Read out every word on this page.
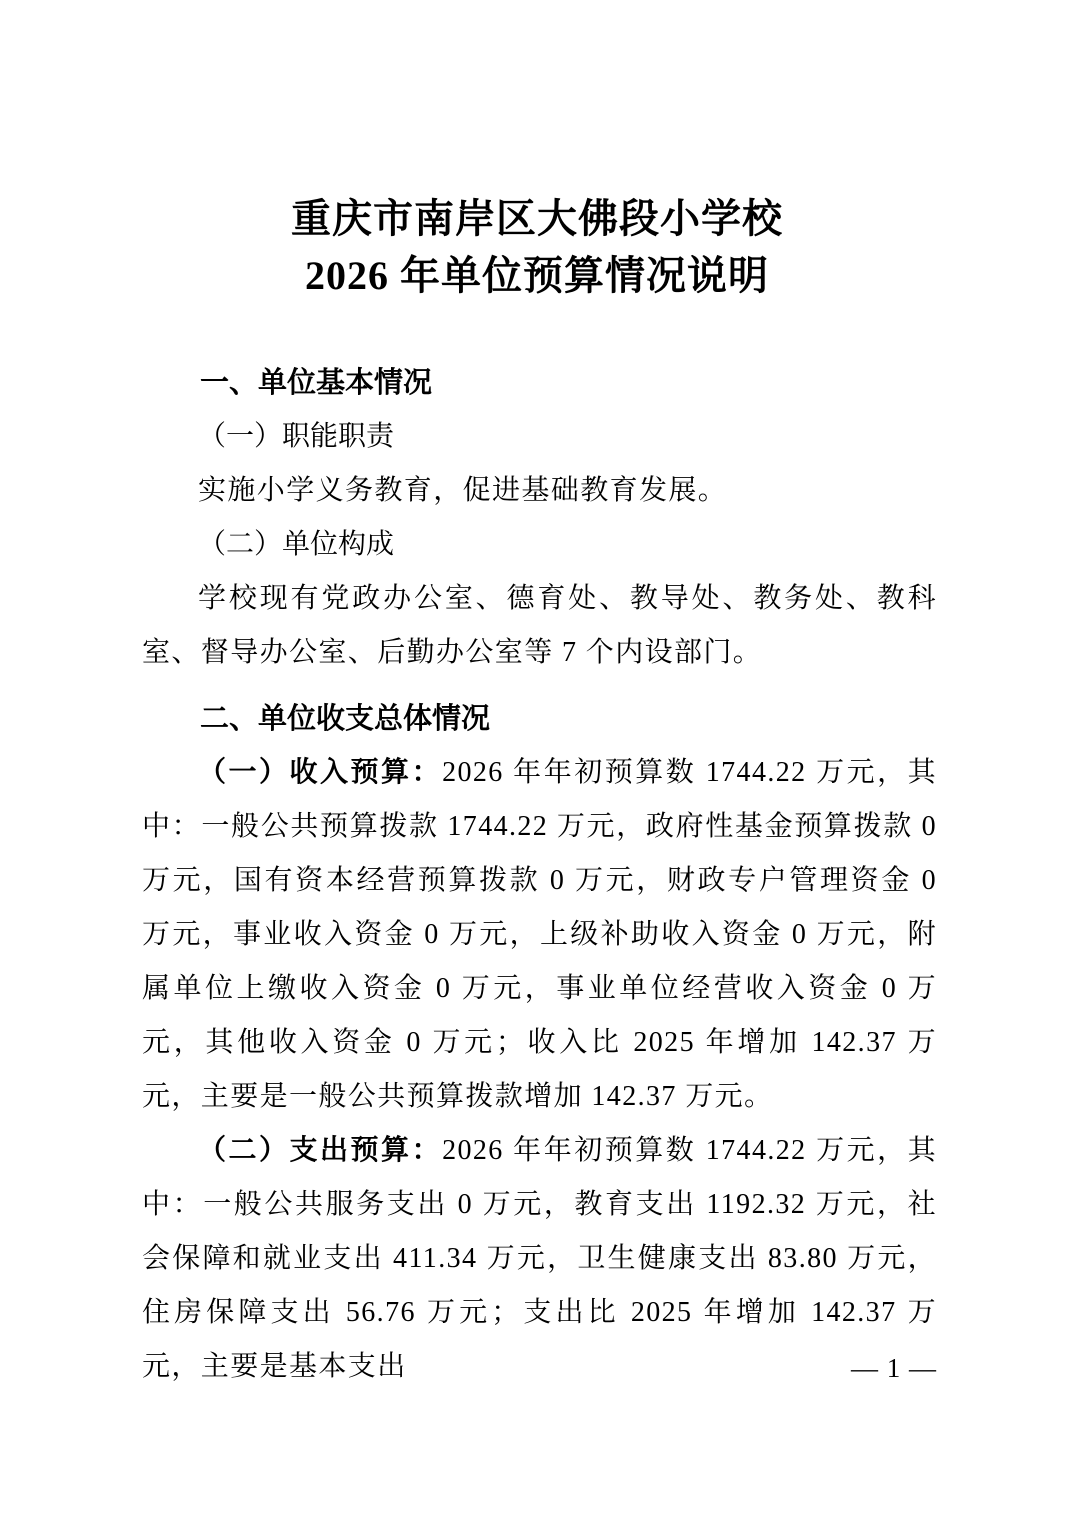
重庆市南岸区大佛段小学校
2026 年单位预算情况说明

一、单位基本情况

（一）职能职责

实施小学义务教育，促进基础教育发展。

（二）单位构成

学校现有党政办公室、德育处、教导处、教务处、教科室、督导办公室、后勤办公室等 7 个内设部门。

二、单位收支总体情况

（一）收入预算：2026 年年初预算数 1744.22 万元，其中：一般公共预算拨款 1744.22 万元，政府性基金预算拨款 0 万元，国有资本经营预算拨款 0 万元，财政专户管理资金 0 万元，事业收入资金 0 万元，上级补助收入资金 0 万元，附属单位上缴收入资金 0 万元，事业单位经营收入资金 0 万元，其他收入资金 0 万元；收入比 2025 年增加 142.37 万元，主要是一般公共预算拨款增加 142.37 万元。

（二）支出预算：2026 年年初预算数 1744.22 万元，其中：一般公共服务支出 0 万元，教育支出 1192.32 万元，社会保障和就业支出 411.34 万元，卫生健康支出 83.80 万元，住房保障支出 56.76 万元；支出比 2025 年增加 142.37 万元，主要是基本支出	— 1 —
